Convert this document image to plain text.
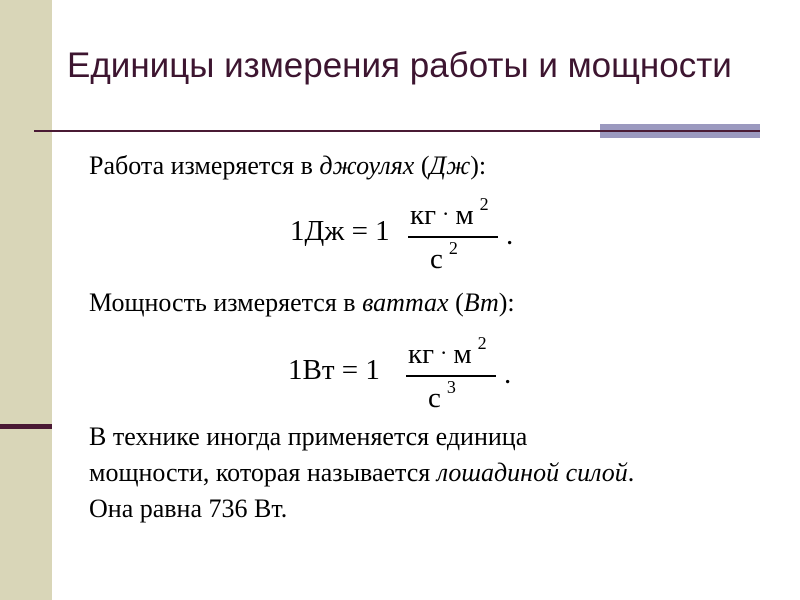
Единицы измерения работы и мощности
Работа измеряется в джоулях (Дж):
1Дж = 1 кг · м $^2$
с $^2$ .
Мощность измеряется в ваттах (Вт):
1Вт = 1 кг · м $^2$
с $^3$ .
В технике иногда применяется единица
мощности, которая называется лошадиной силой.
Она равна 736 Вт.
